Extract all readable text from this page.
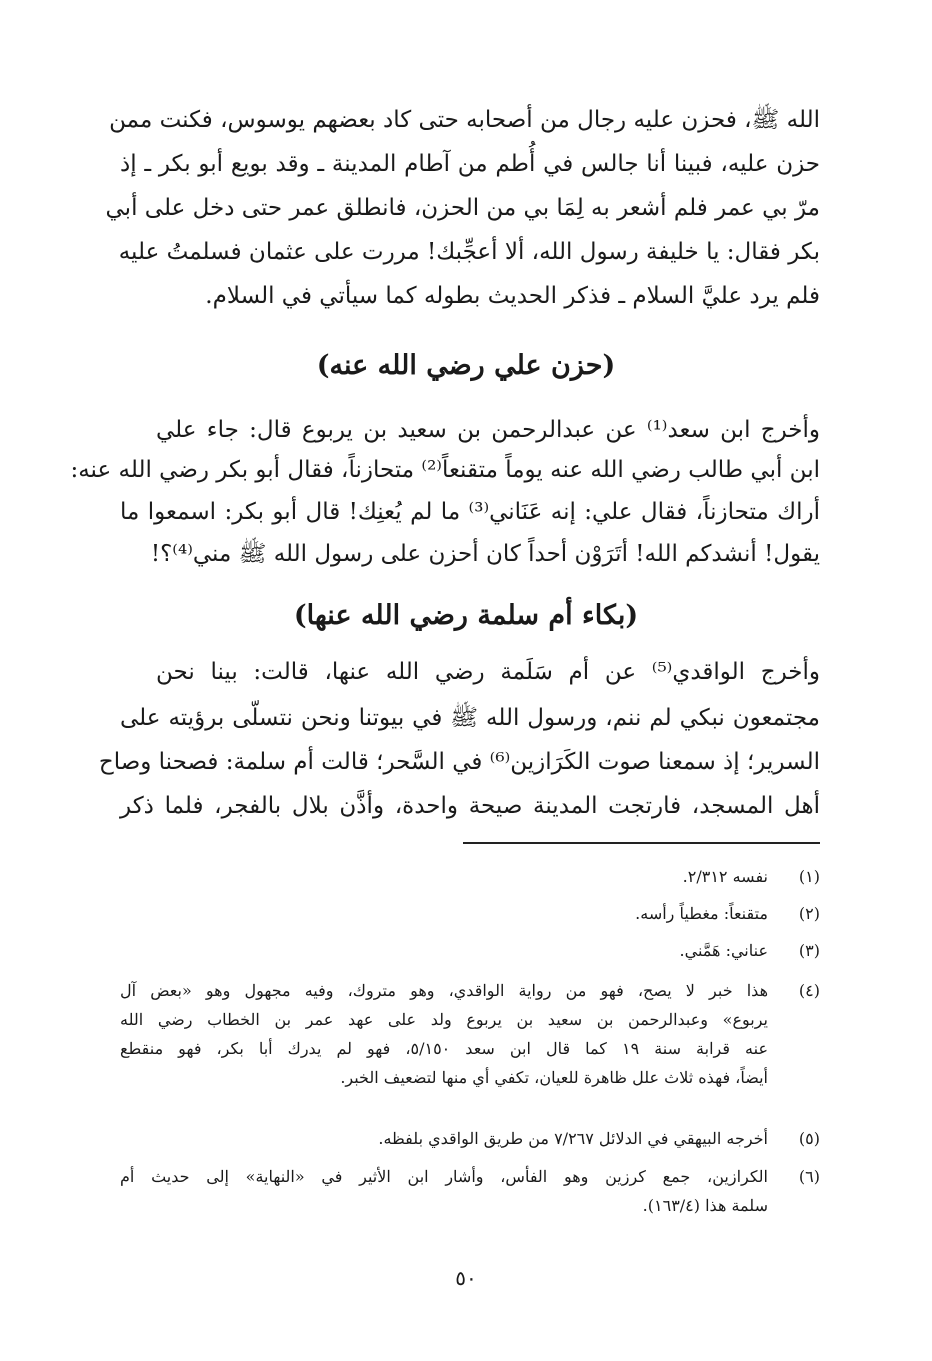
الله ﷺ، فحزن عليه رجال من أصحابه حتى كاد بعضهم يوسوس، فكنت ممن
حزن عليه، فبينا أنا جالس في أُطم من آطام المدينة ـ وقد بويع أبو بكر ـ إذ
مرّ بي عمر فلم أشعر به لِمَا بي من الحزن، فانطلق عمر حتى دخل على أبي
بكر فقال: يا خليفة رسول الله، ألا أعجِّبك! مررت على عثمان فسلمتُ عليه
فلم يرد عليَّ السلام ـ فذكر الحديث بطوله كما سيأتي في السلام.
(حزن علي رضي الله عنه)
وأخرج ابن سعد⁽¹⁾ عن عبدالرحمن بن سعيد بن يربوع قال: جاء علي
ابن أبي طالب رضي الله عنه يوماً متقنعاً⁽²⁾ متحازناً، فقال أبو بكر رضي الله عنه:
أراك متحازناً، فقال علي: إنه عَنَاني⁽³⁾ ما لم يُعنِك! قال أبو بكر: اسمعوا ما
يقول! أنشدكم الله! أتَرَوْن أحداً كان أحزن على رسول الله ﷺ مني⁽⁴⁾؟!
(بكاء أم سلمة رضي الله عنها)
وأخرج الواقدي⁽⁵⁾ عن أم سَلَمة رضي الله عنها، قالت: بينا نحن
مجتمعون نبكي لم ننم، ورسول الله ﷺ في بيوتنا ونحن نتسلّى برؤيته على
السرير؛ إذ سمعنا صوت الكَرَازين⁽⁶⁾ في السَّحر؛ قالت أم سلمة: فصحنا وصاح
أهل المسجد، فارتجت المدينة صيحة واحدة، وأذَّن بلال بالفجر، فلما ذكر
(١)
نفسه ٢/٣١٢.
(٢)
متقنعاً: مغطياً رأسه.
(٣)
عناني: هَمَّني.
(٤)
هذا خبر لا يصح، فهو من رواية الواقدي، وهو متروك، وفيه مجهول وهو «بعض آل
يربوع» وعبدالرحمن بن سعيد بن يربوع ولد على عهد عمر بن الخطاب رضي الله
عنه قرابة سنة ١٩ كما قال ابن سعد ٥/١٥٠، فهو لم يدرك أبا بكر، فهو منقطع
أيضاً، فهذه ثلاث علل ظاهرة للعيان، تكفي أي منها لتضعيف الخبر.
(٥)
أخرجه البيهقي في الدلائل ٧/٢٦٧ من طريق الواقدي بلفظه.
(٦)
الكرازين، جمع كرزين وهو الفأس، وأشار ابن الأثير في «النهاية» إلى حديث أم
سلمة هذا (١٦٣/٤).
٥٠
